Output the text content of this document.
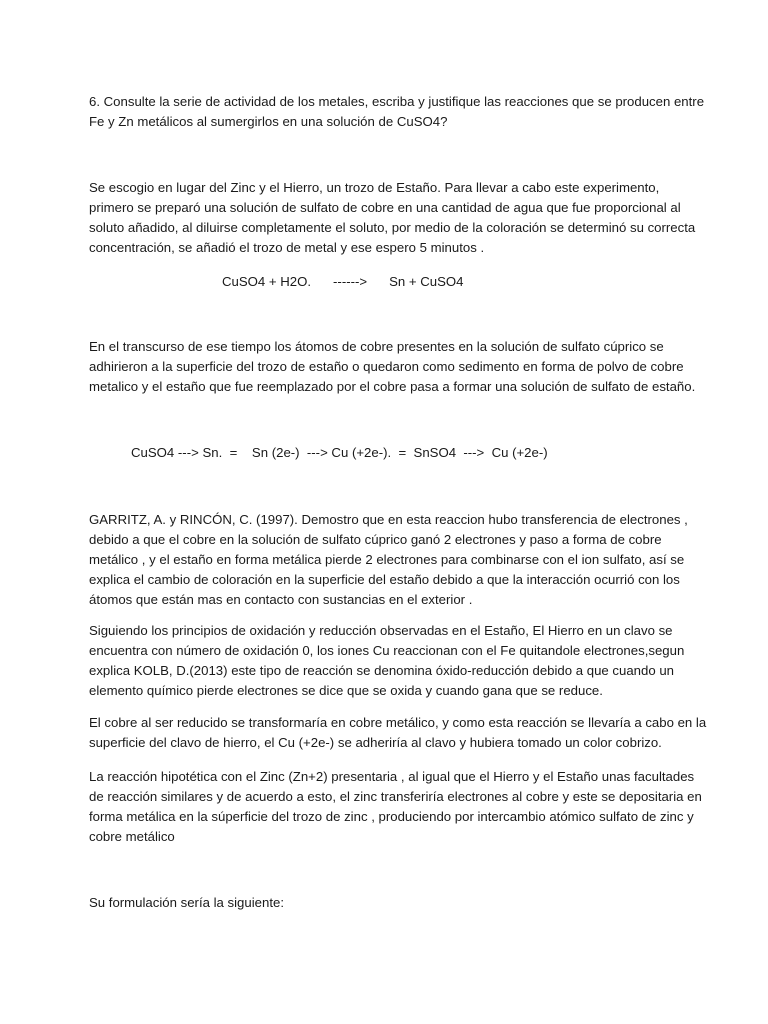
6. Consulte la serie de actividad de los metales, escriba y justifique las reacciones que se producen entre
Fe y Zn metálicos al sumergirlos en una solución de CuSO4?

Se escogio en lugar del Zinc y el Hierro, un trozo de Estaño. Para llevar a cabo este experimento,
primero se preparó una solución de sulfato de cobre en una cantidad de agua que fue proporcional al
soluto añadido, al diluirse completamente el soluto, por medio de la coloración se determinó su correcta
concentración, se añadió el trozo de metal y ese espero 5 minutos .

CuSO4 + H2O.      ------>      Sn + CuSO4

En el transcurso de ese tiempo los átomos de cobre presentes en la solución de sulfato cúprico se
adhirieron a la superficie del trozo de estaño o quedaron como sedimento en forma de polvo de cobre
metalico y el estaño que fue reemplazado por el cobre pasa a formar una solución de sulfato de estaño.

CuSO4 ---> Sn.  =    Sn (2e-)  ---> Cu (+2e-).  =  SnSO4  --->  Cu (+2e-)

GARRITZ, A. y RINCÓN, C. (1997). Demostro que en esta reaccion hubo transferencia de electrones ,
debido a que el cobre en la solución de sulfato cúprico ganó 2 electrones y paso a forma de cobre
metálico , y el estaño en forma metálica pierde 2 electrones para combinarse con el ion sulfato, así se
explica el cambio de coloración en la superficie del estaño debido a que la interacción ocurrió con los
átomos que están mas en contacto con sustancias en el exterior .

Siguiendo los principios de oxidación y reducción observadas en el Estaño, El Hierro en un clavo se
encuentra con número de oxidación 0, los iones Cu reaccionan con el Fe quitandole electrones,segun
explica KOLB, D.(2013) este tipo de reacción se denomina óxido-reducción debido a que cuando un
elemento químico pierde electrones se dice que se oxida y cuando gana que se reduce.

El cobre al ser reducido se transformaría en cobre metálico, y como esta reacción se llevaría a cabo en la
superficie del clavo de hierro, el Cu (+2e-) se adheriría al clavo y hubiera tomado un color cobrizo.

La reacción hipotética con el Zinc (Zn+2) presentaria , al igual que el Hierro y el Estaño unas facultades
de reacción similares y de acuerdo a esto, el zinc transferiría electrones al cobre y este se depositaria en
forma metálica en la súperficie del trozo de zinc , produciendo por intercambio atómico sulfato de zinc y
cobre metálico

Su formulación sería la siguiente:
